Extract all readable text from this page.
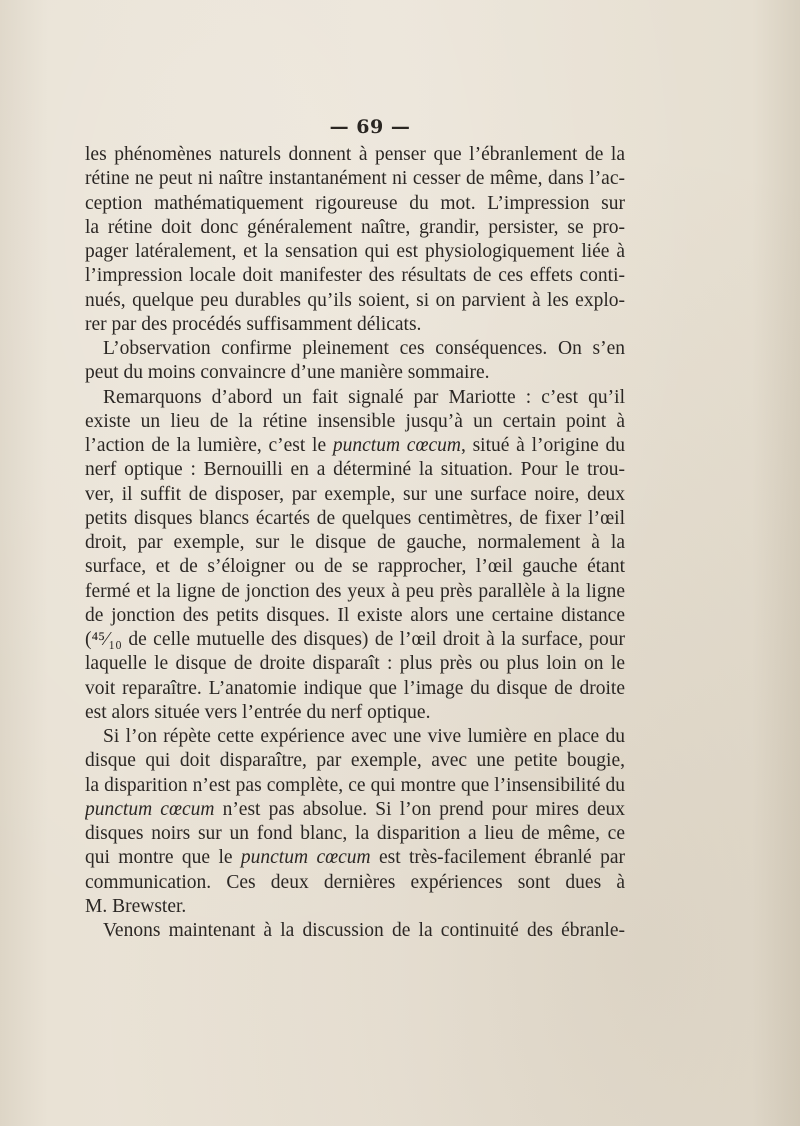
— 69 —
les phénomènes naturels donnent à penser que l’ébranlement de la
rétine ne peut ni naître instantanément ni cesser de même, dans l’ac-
ception mathématiquement rigoureuse du mot. L’impression sur
la rétine doit donc généralement naître, grandir, persister, se pro-
pager latéralement, et la sensation qui est physiologiquement liée à
l’impression locale doit manifester des résultats de ces effets conti-
nués, quelque peu durables qu’ils soient, si on parvient à les explo-
rer par des procédés suffisamment délicats.
L’observation confirme pleinement ces conséquences. On s’en
peut du moins convaincre d’une manière sommaire.
Remarquons d’abord un fait signalé par Mariotte : c’est qu’il
existe un lieu de la rétine insensible jusqu’à un certain point à
l’action de la lumière, c’est le punctum cœcum, situé à l’origine du
nerf optique : Bernouilli en a déterminé la situation. Pour le trou-
ver, il suffit de disposer, par exemple, sur une surface noire, deux
petits disques blancs écartés de quelques centimètres, de fixer l’œil
droit, par exemple, sur le disque de gauche, normalement à la
surface, et de s’éloigner ou de se rapprocher, l’œil gauche étant
fermé et la ligne de jonction des yeux à peu près parallèle à la ligne
de jonction des petits disques. Il existe alors une certaine distance
(⁴⁵⁄₁₀ de celle mutuelle des disques) de l’œil droit à la surface, pour
laquelle le disque de droite disparaît : plus près ou plus loin on le
voit reparaître. L’anatomie indique que l’image du disque de droite
est alors située vers l’entrée du nerf optique.
Si l’on répète cette expérience avec une vive lumière en place du
disque qui doit disparaître, par exemple, avec une petite bougie,
la disparition n’est pas complète, ce qui montre que l’insensibilité du
punctum cœcum n’est pas absolue. Si l’on prend pour mires deux
disques noirs sur un fond blanc, la disparition a lieu de même, ce
qui montre que le punctum cœcum est très-facilement ébranlé par
communication. Ces deux dernières expériences sont dues à
M. Brewster.
Venons maintenant à la discussion de la continuité des ébranle-
